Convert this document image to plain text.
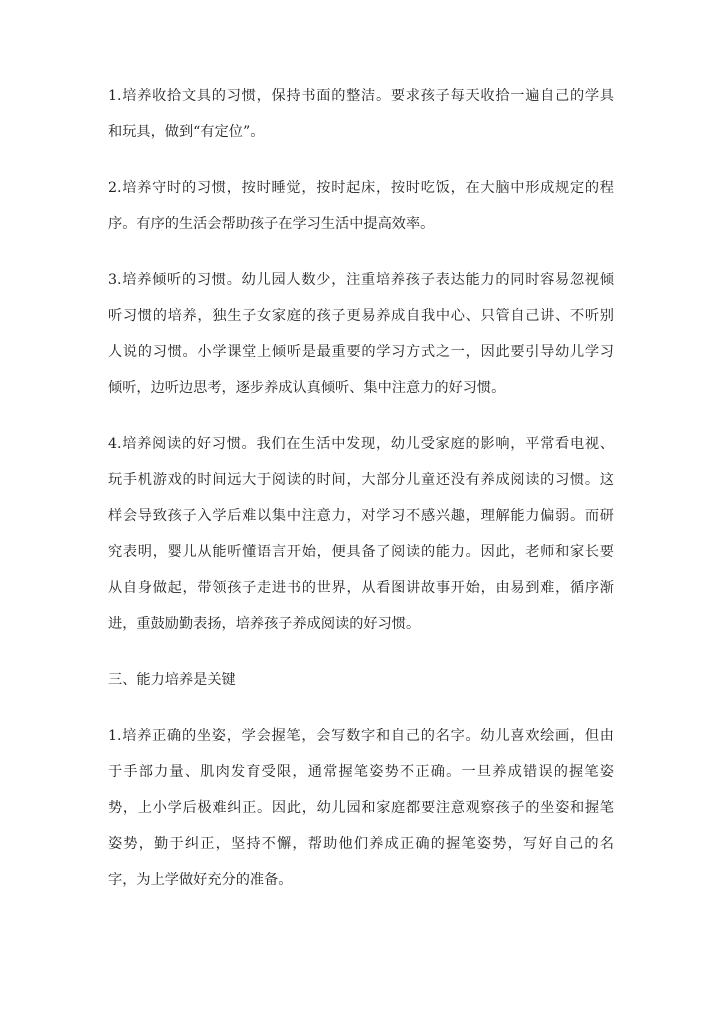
1.培养收拾文具的习惯，保持书面的整洁。要求孩子每天收拾一遍自己的学具
和玩具，做到“有定位”。

2.培养守时的习惯，按时睡觉，按时起床，按时吃饭，在大脑中形成规定的程
序。有序的生活会帮助孩子在学习生活中提高效率。

3.培养倾听的习惯。幼儿园人数少，注重培养孩子表达能力的同时容易忽视倾
听习惯的培养，独生子女家庭的孩子更易养成自我中心、只管自己讲、不听别
人说的习惯。小学课堂上倾听是最重要的学习方式之一，因此要引导幼儿学习
倾听，边听边思考，逐步养成认真倾听、集中注意力的好习惯。

4.培养阅读的好习惯。我们在生活中发现，幼儿受家庭的影响，平常看电视、
玩手机游戏的时间远大于阅读的时间，大部分儿童还没有养成阅读的习惯。这
样会导致孩子入学后难以集中注意力，对学习不感兴趣，理解能力偏弱。而研
究表明，婴儿从能听懂语言开始，便具备了阅读的能力。因此，老师和家长要
从自身做起，带领孩子走进书的世界，从看图讲故事开始，由易到难，循序渐
进，重鼓励勤表扬，培养孩子养成阅读的好习惯。

三、能力培养是关键

1.培养正确的坐姿，学会握笔，会写数字和自己的名字。幼儿喜欢绘画，但由
于手部力量、肌肉发育受限，通常握笔姿势不正确。一旦养成错误的握笔姿
势，上小学后极难纠正。因此，幼儿园和家庭都要注意观察孩子的坐姿和握笔
姿势，勤于纠正，坚持不懈，帮助他们养成正确的握笔姿势，写好自己的名
字，为上学做好充分的准备。
